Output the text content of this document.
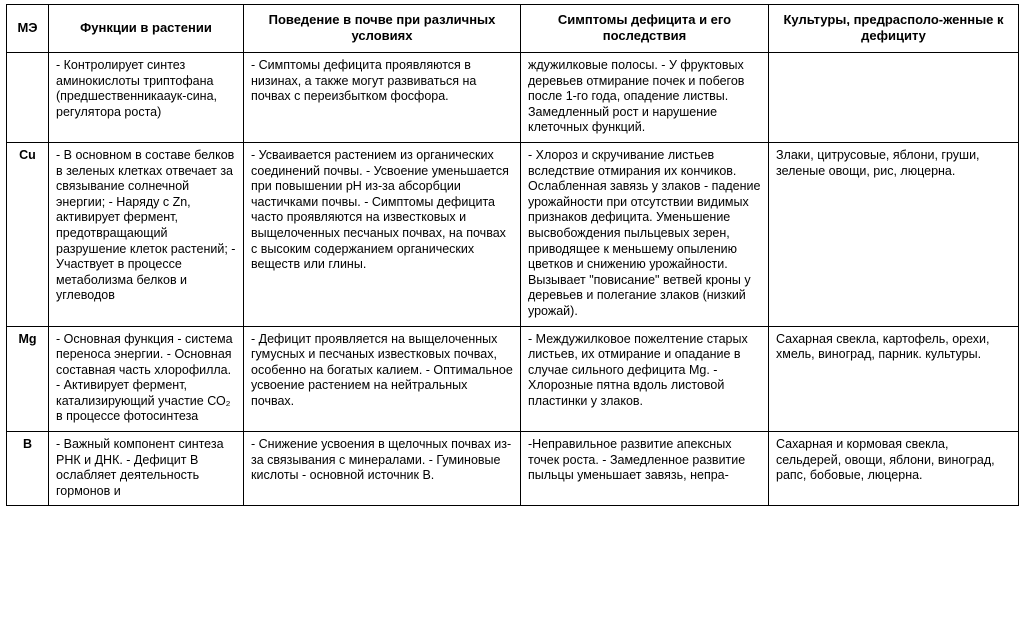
МЭ	Функции в растении	Поведение в почве при различных условиях	Симптомы дефицита и его последствия	Культуры, предрасполо-женные к дефициту
	- Контролирует синтез аминокислоты триптофана (предшественникааук-сина, регулятора роста)	- Симптомы дефицита проявляются в низинах, а также могут развиваться на почвах с переизбытком фосфора.	ждужилковые полосы. - У фруктовых деревьев отмирание почек и побегов после 1-го года, опадение листвы. Замедленный рост и нарушение клеточных функций.	
Cu	- В основном в составе белков в зеленых клетках отвечает за связывание солнечной энергии; - Наряду с Zn, активирует фермент, предотвращающий разрушение клеток растений; - Участвует в процессе метаболизма белков и углеводов	- Усваивается растением из органических соединений почвы. - Усвоение уменьшается при повышении рН из-за абсорбции частичками почвы. - Симптомы дефицита часто проявляются на известковых и выщелоченных песчаных почвах, на почвах с высоким содержанием органических веществ или глины.	- Хлороз и скручивание листьев вследствие отмирания их кончиков. Ослабленная завязь у злаков - падение урожайности при отсутствии видимых признаков дефицита. Уменьшение высвобождения пыльцевых зерен, приводящее к меньшему опылению цветков и снижению урожайности. Вызывает "повисание" ветвей кроны у деревьев и полегание злаков (низкий урожай).	Злаки, цитрусовые, яблони, груши, зеленые овощи, рис, люцерна.
Mg	- Основная функция - система переноса энергии. - Основная составная часть хлорофилла. - Активирует фермент, катализирующий участие СО₂ в процессе фотосинтеза	- Дефицит проявляется на выщелоченных гумусных и песчаных известковых почвах, особенно на богатых калием. - Оптимальное усвоение растением на нейтральных почвах.	- Междужилковое пожелтение старых листьев, их отмирание и опадание в случае сильного дефицита Mg. - Хлорозные пятна вдоль листовой пластинки у злаков.	Сахарная свекла, картофель, орехи, хмель, виноград, парник. культуры.
В	- Важный компонент синтеза РНК и ДНК. - Дефицит В ослабляет деятельность гормонов и	- Снижение усвоения в щелочных почвах из-за связывания с минералами. - Гуминовые кислоты - основной источник В.	-Неправильное развитие апексных точек роста. - Замедленное развитие пыльцы уменьшает завязь, непра-	Сахарная и кормовая свекла, сельдерей, овощи, яблони, виноград, рапс, бобовые, люцерна.
